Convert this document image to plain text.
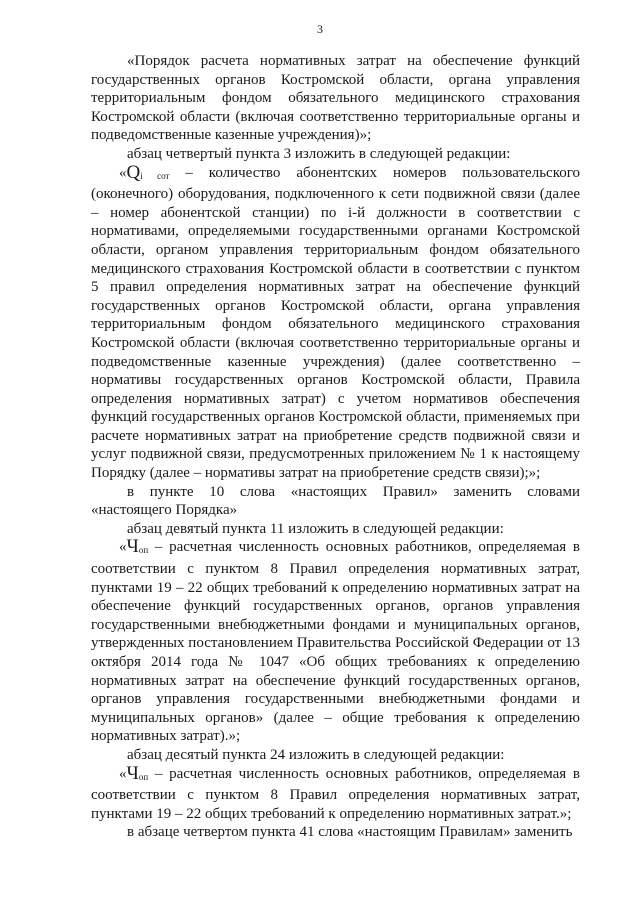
3

«Порядок расчета нормативных затрат на обеспечение функций государственных органов Костромской области, органа управления территориальным фондом обязательного медицинского страхования Костромской области (включая соответственно территориальные органы и подведомственные казенные учреждения)»;

абзац четвертый пункта 3 изложить в следующей редакции:

«$Q_{i сот}$ – количество абонентских номеров пользовательского (оконечного) оборудования, подключенного к сети подвижной связи (далее – номер абонентской станции) по i-й должности в соответствии с нормативами, определяемыми государственными органами Костромской области, органом управления территориальным фондом обязательного медицинского страхования Костромской области в соответствии с пунктом 5 правил определения нормативных затрат на обеспечение функций государственных органов Костромской области, органа управления территориальным фондом обязательного медицинского страхования Костромской области (включая соответственно территориальные органы и подведомственные казенные учреждения) (далее соответственно – нормативы государственных органов Костромской области, Правила определения нормативных затрат) с учетом нормативов обеспечения функций государственных органов Костромской области, применяемых при расчете нормативных затрат на приобретение средств подвижной связи и услуг подвижной связи, предусмотренных приложением № 1 к настоящему Порядку (далее – нормативы затрат на приобретение средств связи);»;

в пункте 10 слова «настоящих Правил» заменить словами «настоящего Порядка»

абзац девятый пункта 11 изложить в следующей редакции:

«$Ч_{оп}$ – расчетная численность основных работников, определяемая в соответствии с пунктом 8 Правил определения нормативных затрат, пунктами 19 – 22 общих требований к определению нормативных затрат на обеспечение функций государственных органов, органов управления государственными внебюджетными фондами и муниципальных органов, утвержденных постановлением Правительства Российской Федерации от 13 октября 2014 года № 1047 «Об общих требованиях к определению нормативных затрат на обеспечение функций государственных органов, органов управления государственными внебюджетными фондами и муниципальных органов» (далее – общие требования к определению нормативных затрат).»;

абзац десятый пункта 24 изложить в следующей редакции:

«$Ч_{оп}$ – расчетная численность основных работников, определяемая в соответствии с пунктом 8 Правил определения нормативных затрат, пунктами 19 – 22 общих требований к определению нормативных затрат.»;

в абзаце четвертом пункта 41 слова «настоящим Правилам» заменить
